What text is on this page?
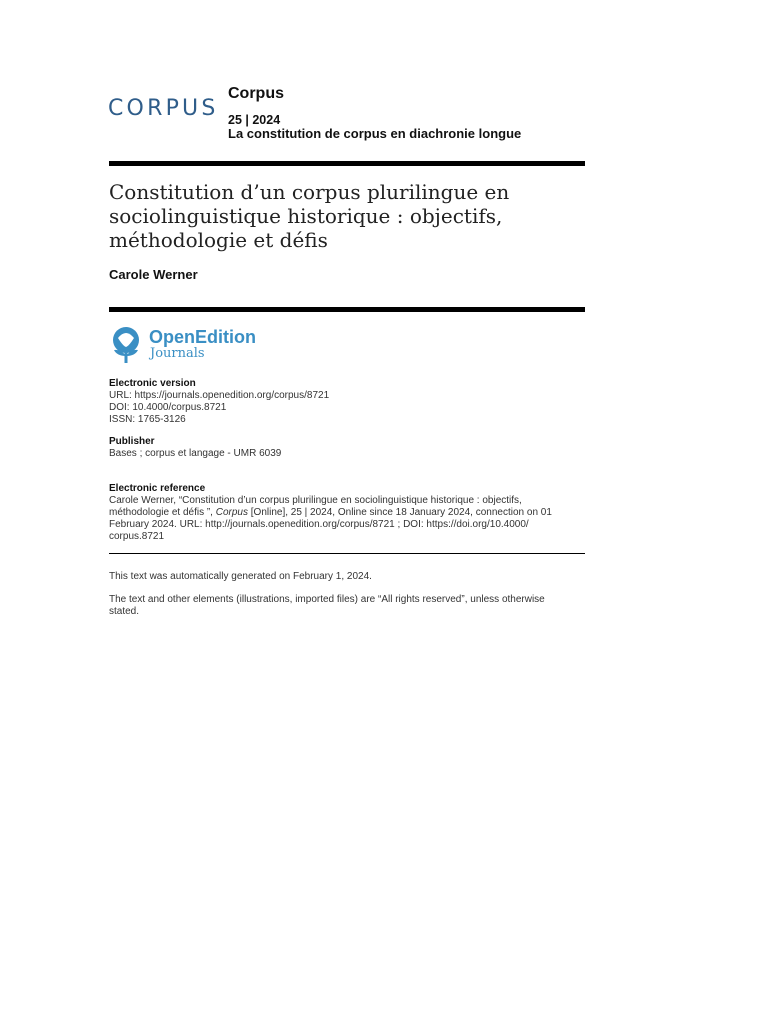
CORPUS
Corpus
25 | 2024
La constitution de corpus en diachronie longue
Constitution d’un corpus plurilingue en
sociolinguistique historique : objectifs,
méthodologie et défis
Carole Werner
OpenEdition
Journals
Electronic version
URL: https://journals.openedition.org/corpus/8721
DOI: 10.4000/corpus.8721
ISSN: 1765-3126
Publisher
Bases ; corpus et langage - UMR 6039
Electronic reference
Carole Werner, “Constitution d’un corpus plurilingue en sociolinguistique historique : objectifs,
méthodologie et défis ”, Corpus [Online], 25 | 2024, Online since 18 January 2024, connection on 01
February 2024. URL: http://journals.openedition.org/corpus/8721 ; DOI: https://doi.org/10.4000/
corpus.8721
This text was automatically generated on February 1, 2024.
The text and other elements (illustrations, imported files) are “All rights reserved”, unless otherwise
stated.
